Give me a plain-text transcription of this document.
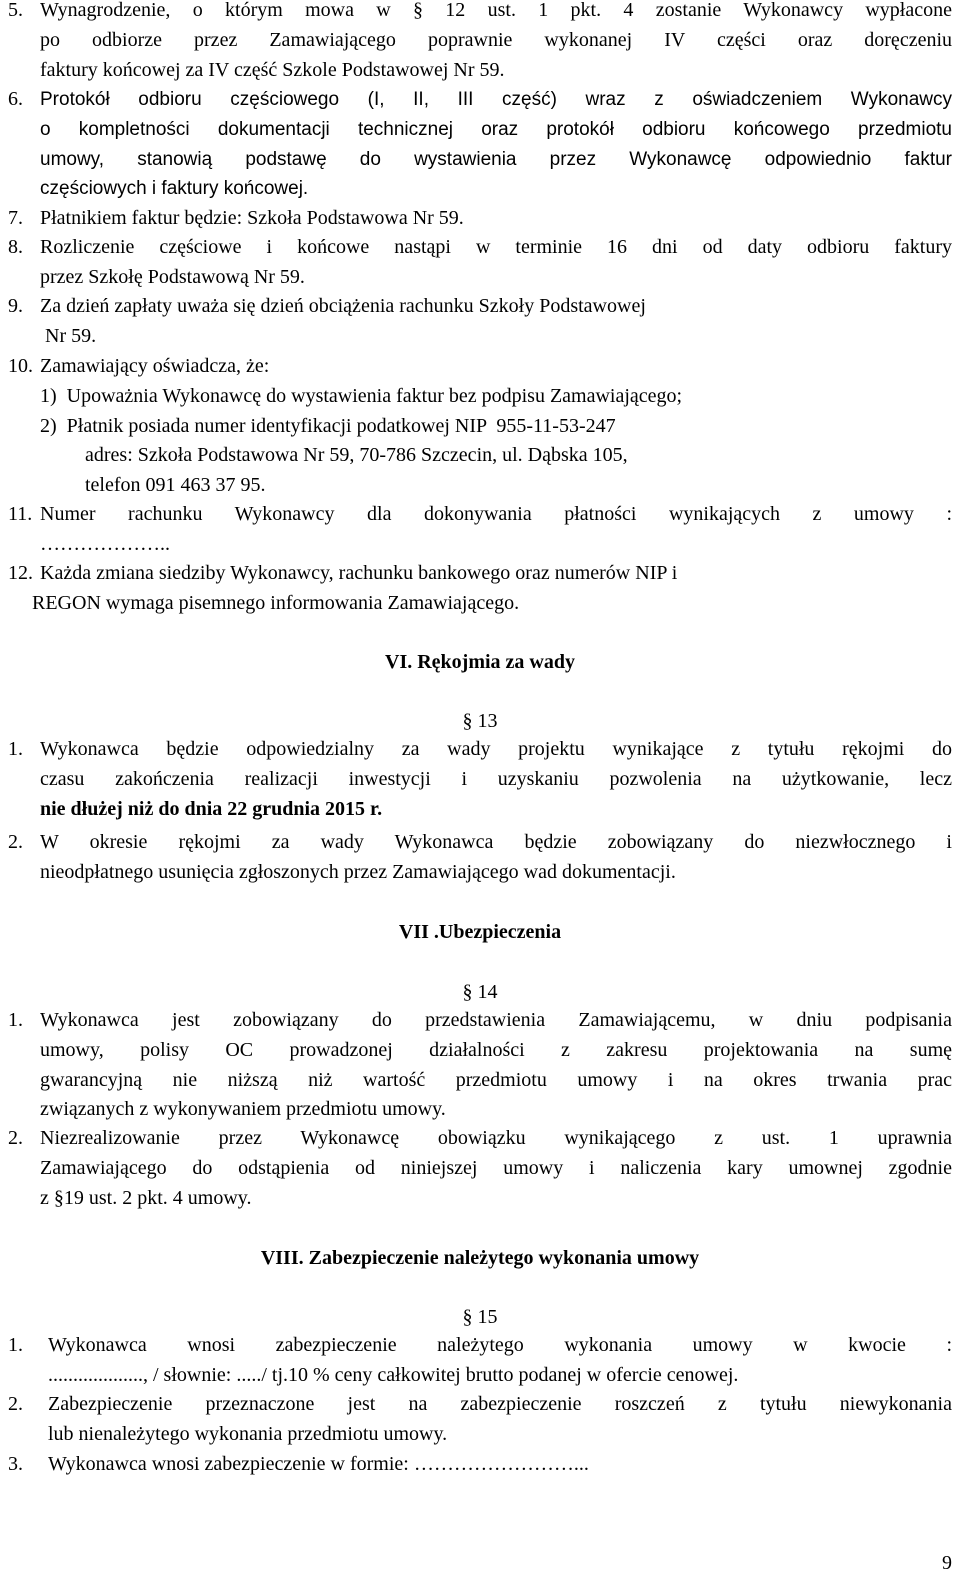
5. Wynagrodzenie, o którym mowa w § 12 ust. 1 pkt. 4 zostanie Wykonawcy wypłacone
po odbiorze przez Zamawiającego poprawnie wykonanej IV części oraz doręczeniu
faktury końcowej za IV część Szkole Podstawowej Nr 59.
6. Protokół odbioru częściowego (I, II, III część) wraz z oświadczeniem Wykonawcy
o kompletności dokumentacji technicznej oraz protokół odbioru końcowego przedmiotu
umowy, stanowią podstawę do wystawienia przez Wykonawcę odpowiednio faktur
częściowych i faktury końcowej.
7. Płatnikiem faktur będzie: Szkoła Podstawowa Nr 59.
8. Rozliczenie częściowe i końcowe nastąpi w terminie 16 dni od daty odbioru faktury
przez Szkołę Podstawową Nr 59.
9. Za dzień zapłaty uważa się dzień obciążenia rachunku Szkoły Podstawowej
Nr 59.
10. Zamawiający oświadcza, że:
1)  Upoważnia Wykonawcę do wystawienia faktur bez podpisu Zamawiającego;
2)  Płatnik posiada numer identyfikacji podatkowej NIP  955-11-53-247
adres: Szkoła Podstawowa Nr 59, 70-786 Szczecin, ul. Dąbska 105,
telefon 091 463 37 95.
11. Numer rachunku Wykonawcy dla dokonywania płatności wynikających z umowy :
………………..
12. Każda zmiana siedziby Wykonawcy, rachunku bankowego oraz numerów NIP i
REGON wymaga pisemnego informowania Zamawiającego.
VI. Rękojmia za wady
§ 13
1. Wykonawca będzie odpowiedzialny za wady projektu wynikające z tytułu rękojmi do
czasu zakończenia realizacji inwestycji i uzyskaniu pozwolenia na użytkowanie, lecz
nie dłużej niż do dnia 22 grudnia 2015 r.
2. W okresie rękojmi za wady Wykonawca będzie zobowiązany do niezwłocznego i
nieodpłatnego usunięcia zgłoszonych przez Zamawiającego wad dokumentacji.
VII .Ubezpieczenia
§ 14
1. Wykonawca jest zobowiązany do przedstawienia Zamawiającemu, w dniu podpisania
umowy, polisy OC prowadzonej działalności z zakresu projektowania na sumę
gwarancyjną nie niższą niż wartość przedmiotu umowy i na okres trwania prac
związanych z wykonywaniem przedmiotu umowy.
2. Niezrealizowanie przez Wykonawcę obowiązku wynikającego z ust. 1 uprawnia
Zamawiającego do odstąpienia od niniejszej umowy i naliczenia kary umownej zgodnie
z §19 ust. 2 pkt. 4 umowy.
VIII. Zabezpieczenie należytego wykonania umowy
§ 15
1. Wykonawca wnosi zabezpieczenie należytego wykonania umowy w kwocie :
..................., / słownie: ...../ tj.10 % ceny całkowitej brutto podanej w ofercie cenowej.
2. Zabezpieczenie przeznaczone jest na zabezpieczenie roszczeń z tytułu niewykonania
lub nienależytego wykonania przedmiotu umowy.
3. Wykonawca wnosi zabezpieczenie w formie: ……………………...
9
